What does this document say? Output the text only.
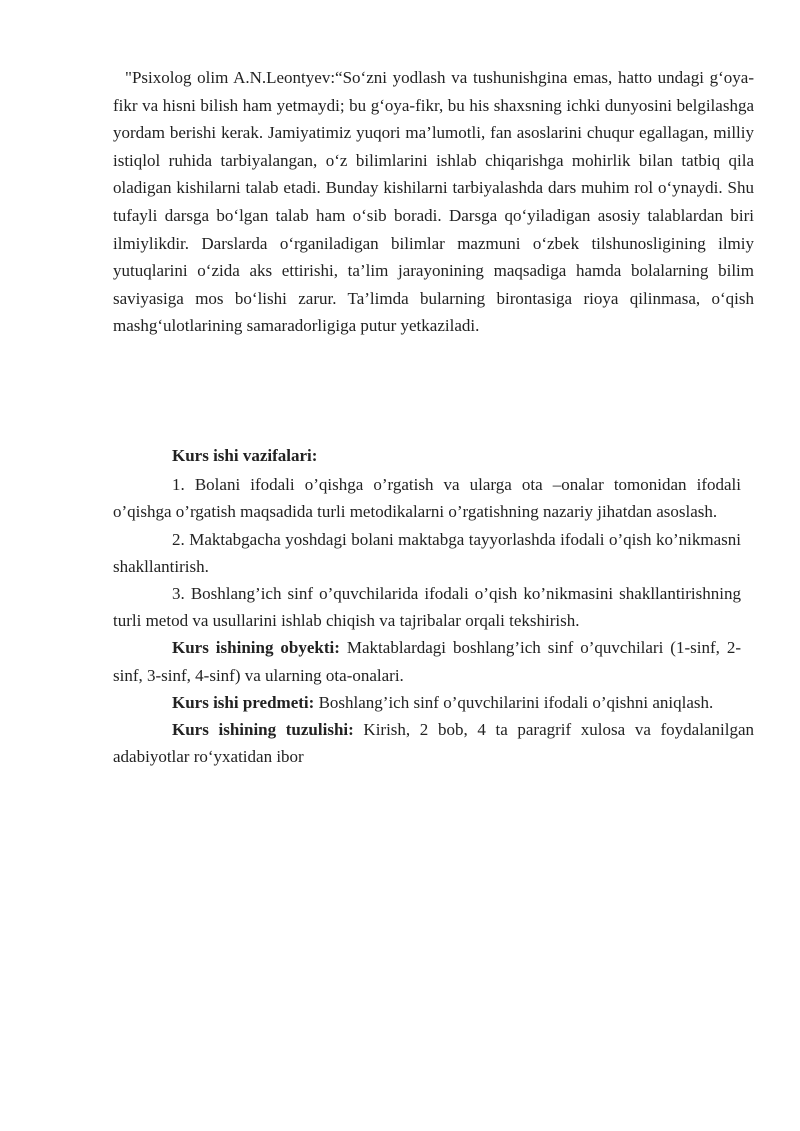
"Psixolog olim A.N.Leontyev:“So‘zni yodlash va tushunishgina emas, hatto undagi g‘oya-fikr va hisni bilish ham yetmaydi; bu g‘oya-fikr, bu his shaxsning ichki dunyosini belgilashga yordam berishi kerak. Jamiyatimiz yuqori ma’lumotli, fan asoslarini chuqur egallagan, milliy istiqlol ruhida tarbiyalangan, o‘z bilimlarini ishlab chiqarishga mohirlik bilan tatbiq qila oladigan kishilarni talab etadi. Bunday kishilarni tarbiyalashda dars muhim rol o‘ynaydi. Shu tufayli darsga bo‘lgan talab ham o‘sib boradi. Darsga qo‘yiladigan asosiy talablardan biri ilmiylikdir. Darslarda o‘rganiladigan bilimlar mazmuni o‘zbek tilshunosligining ilmiy yutuqlarini o‘zida aks ettirishi, ta’lim jarayonining maqsadiga hamda bolalarning bilim saviyasiga mos bo‘lishi zarur. Ta’limda bularning birontasiga rioya qilinmasa, o‘qish mashg‘ulotlarining samaradorligiga putur yetkaziladi.

Kurs ishi vazifalari:

1. Bolani ifodali o’qishga o’rgatish va ularga ota –onalar tomonidan ifodali o’qishga o’rgatish maqsadida turli metodikalarni o’rgatishning nazariy jihatdan asoslash.

2. Maktabgacha yoshdagi bolani maktabga tayyorlashda ifodali o’qish ko’nikmasni shakllantirish.

3. Boshlang’ich sinf o’quvchilarida ifodali o’qish ko’nikmasini shakllantirishning turli metod va usullarini ishlab chiqish va tajribalar orqali tekshirish.

Kurs ishining obyekti: Maktablardagi boshlang’ich sinf o’quvchilari (1-sinf, 2-sinf, 3-sinf, 4-sinf) va ularning ota-onalari.

Kurs ishi predmeti: Boshlang’ich sinf o’quvchilarini ifodali o’qishni aniqlash.

Kurs ishining tuzulishi: Kirish, 2 bob, 4 ta paragrif xulosa va foydalanilgan adabiyotlar ro‘yxatidan ibor
